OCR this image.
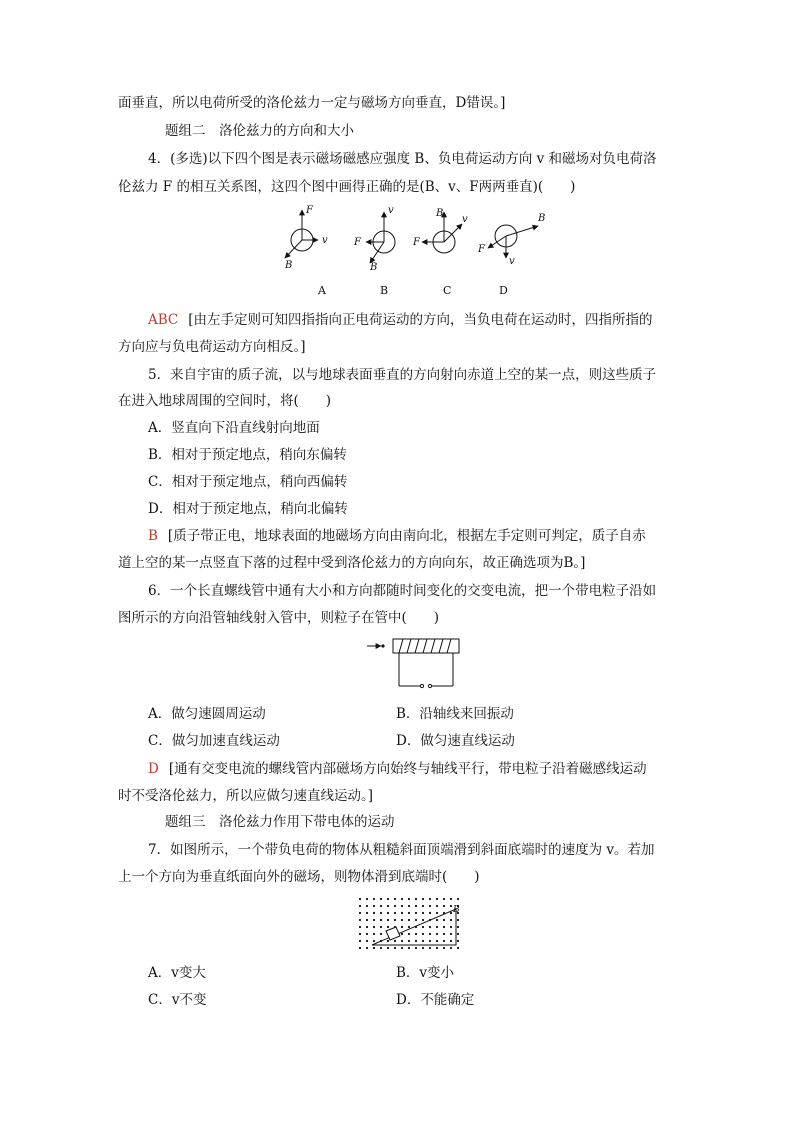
面垂直，所以电荷所受的洛伦兹力一定与磁场方向垂直，D错误。]
题组二　洛伦兹力的方向和大小
4．(多选)以下四个图是表示磁场磁感应强度 B、负电荷运动方向 v 和磁场对负电荷洛
伦兹力 F 的相互关系图，这四个图中画得正确的是(B、v、F两两垂直)(　　)
F
v
B
v
F
B
B
F
v	B
v
F
A	B	C	D
ABC [由左手定则可知四指指向正电荷运动的方向，当负电荷在运动时，四指所指的
方向应与负电荷运动方向相反。]
5．来自宇宙的质子流，以与地球表面垂直的方向射向赤道上空的某一点，则这些质子
在进入地球周围的空间时，将(　　)
A．竖直向下沿直线射向地面
B．相对于预定地点，稍向东偏转
C．相对于预定地点，稍向西偏转
D．相对于预定地点，稍向北偏转
B [质子带正电，地球表面的地磁场方向由南向北，根据左手定则可判定，质子自赤
道上空的某一点竖直下落的过程中受到洛伦兹力的方向向东，故正确选项为B。]
6．一个长直螺线管中通有大小和方向都随时间变化的交变电流，把一个带电粒子沿如
图所示的方向沿管轴线射入管中，则粒子在管中(　　)
A．做匀速圆周运动	B．沿轴线来回振动
C．做匀加速直线运动	D．做匀速直线运动
D [通有交变电流的螺线管内部磁场方向始终与轴线平行，带电粒子沿着磁感线运动
时不受洛伦兹力，所以应做匀速直线运动。]
题组三　洛伦兹力作用下带电体的运动
7．如图所示，一个带负电荷的物体从粗糙斜面顶端滑到斜面底端时的速度为 v。若加
上一个方向为垂直纸面向外的磁场，则物体滑到底端时(　　)
B
A．v变大	B．v变小
C．v不变	D．不能确定
